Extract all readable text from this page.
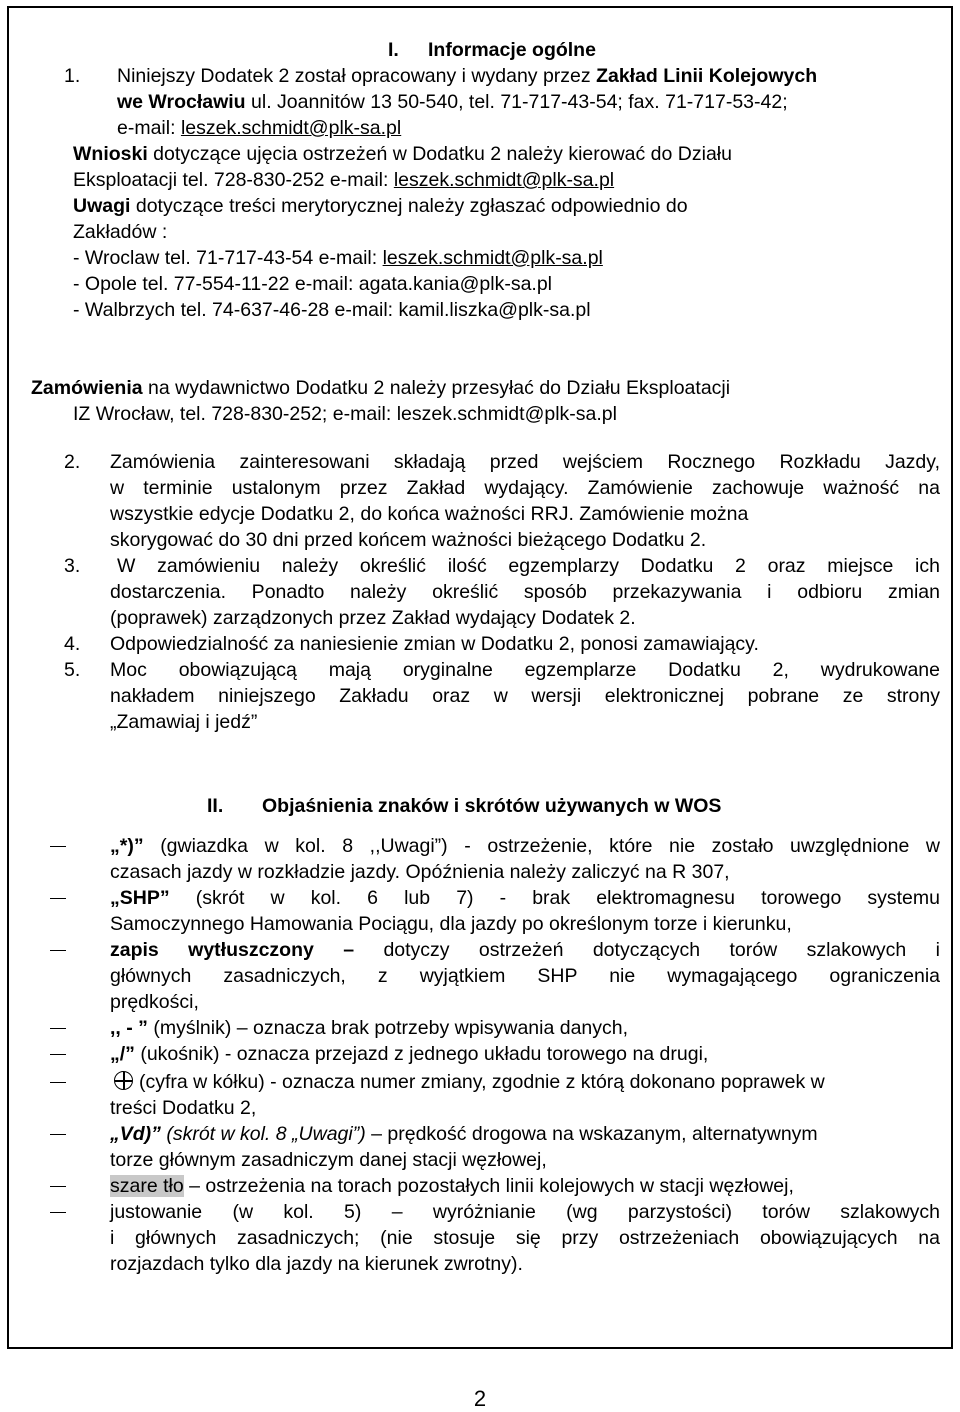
I. Informacje ogólne
1. Niniejszy Dodatek 2 został opracowany i wydany przez Zakład Linii Kolejowych
we Wrocławiu ul. Joannitów 13 50-540, tel. 71-717-43-54; fax. 71-717-53-42;
e-mail: leszek.schmidt@plk-sa.pl
Wnioski dotyczące ujęcia ostrzeżeń w Dodatku 2 należy kierować do Działu
Eksploatacji tel. 728-830-252 e-mail: leszek.schmidt@plk-sa.pl
Uwagi dotyczące treści merytorycznej należy zgłaszać odpowiednio do
Zakładów :
- Wroclaw tel. 71-717-43-54 e-mail: leszek.schmidt@plk-sa.pl
- Opole tel. 77-554-11-22 e-mail: agata.kania@plk-sa.pl
- Walbrzych tel. 74-637-46-28 e-mail: kamil.liszka@plk-sa.pl
Zamówienia na wydawnictwo Dodatku 2 należy przesyłać do Działu Eksploatacji
IZ Wrocław, tel. 728-830-252; e-mail: leszek.schmidt@plk-sa.pl
2. Zamówienia zainteresowani składają przed wejściem Rocznego Rozkładu Jazdy,
w terminie ustalonym przez Zakład wydający. Zamówienie zachowuje ważność na
wszystkie edycje Dodatku 2, do końca ważności RRJ. Zamówienie można
skorygować do 30 dni przed końcem ważności bieżącego Dodatku 2.
3. W zamówieniu należy określić ilość egzemplarzy Dodatku 2 oraz miejsce ich
dostarczenia. Ponadto należy określić sposób przekazywania i odbioru zmian
(poprawek) zarządzonych przez Zakład wydający Dodatek 2.
4. Odpowiedzialność za naniesienie zmian w Dodatku 2, ponosi zamawiający.
5. Moc obowiązującą mają oryginalne egzemplarze Dodatku 2, wydrukowane
nakładem niniejszego Zakładu oraz w wersji elektronicznej pobrane ze strony
„Zamawiaj i jedź”
II. Objaśnienia znaków i skrótów używanych w WOS
„*)” (gwiazdka w kol. 8 ,,Uwagi”) - ostrzeżenie, które nie zostało uwzględnione w
czasach jazdy w rozkładzie jazdy. Opóźnienia należy zaliczyć na R 307,
„SHP” (skrót w kol. 6 lub 7) - brak elektromagnesu torowego systemu
Samoczynnego Hamowania Pociągu, dla jazdy po określonym torze i kierunku,
zapis wytłuszczony – dotyczy ostrzeżeń dotyczących torów szlakowych i
głównych zasadniczych, z wyjątkiem SHP nie wymagającego ograniczenia
prędkości,
,, - ” (myślnik) – oznacza brak potrzeby wpisywania danych,
„/” (ukośnik) - oznacza przejazd z jednego układu torowego na drugi,
(cyfra w kółku) - oznacza numer zmiany, zgodnie z którą dokonano poprawek w
treści Dodatku 2,
„Vd)” (skrót w kol. 8 „Uwagi”) – prędkość drogowa na wskazanym, alternatywnym
torze głównym zasadniczym danej stacji węzłowej,
szare tło – ostrzeżenia na torach pozostałych linii kolejowych w stacji węzłowej,
justowanie (w kol. 5) – wyróżnianie (wg parzystości) torów szlakowych
i głównych zasadniczych; (nie stosuje się przy ostrzeżeniach obowiązujących na
rozjazdach tylko dla jazdy na kierunek zwrotny).
2
